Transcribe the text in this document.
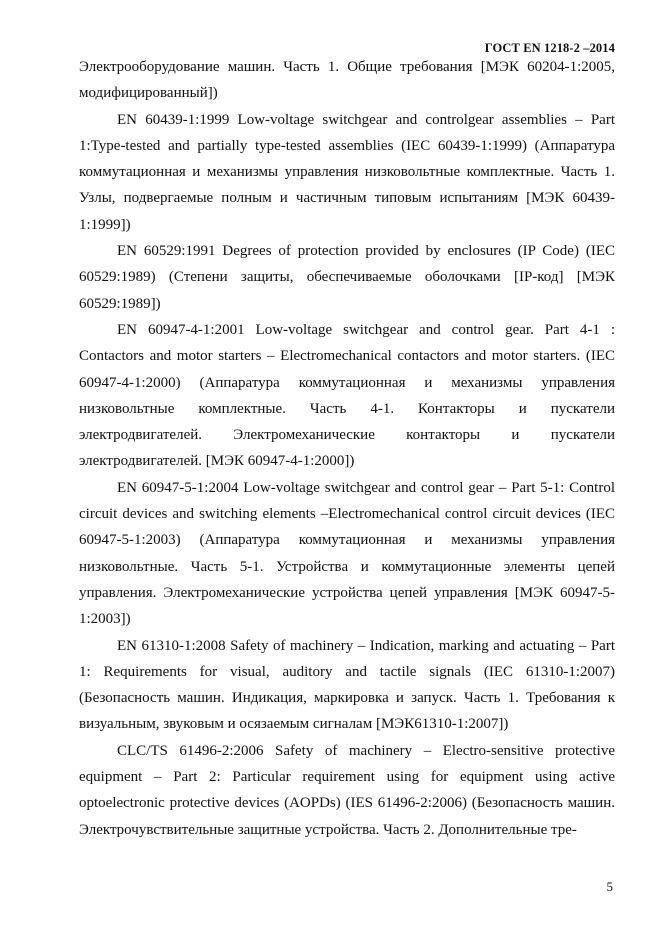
ГОСТ EN 1218-2 –2014

Электрооборудование машин. Часть 1. Общие требования [МЭК 60204-1:2005, модифицированный])

EN 60439-1:1999 Low-voltage switchgear and controlgear assemblies – Part 1:Type-tested and partially type-tested assemblies (IEC 60439-1:1999) (Аппаратура коммутационная и механизмы управления низковольтные комплектные. Часть 1. Узлы, подвергаемые полным и частичным типовым испытаниям [МЭК 60439-1:1999])

EN 60529:1991 Degrees of protection provided by enclosures (IP Code) (IEC 60529:1989) (Степени защиты, обеспечиваемые оболочками [IP-код] [МЭК 60529:1989])

EN 60947-4-1:2001 Low-voltage switchgear and control gear. Part 4-1 : Contactors and motor starters – Electromechanical contactors and motor starters. (IEC 60947-4-1:2000) (Аппаратура коммутационная и механизмы управления низковольтные комплектные. Часть 4-1. Контакторы и пускатели электродвигателей. Электромеханические контакторы и пускатели электродвигателей. [МЭК 60947-4-1:2000])

EN 60947-5-1:2004 Low-voltage switchgear and control gear – Part 5-1: Control circuit devices and switching elements –Electromechanical control circuit devices (IEC 60947-5-1:2003) (Аппаратура коммутационная и механизмы управления низковольтные. Часть 5-1. Устройства и коммутационные элементы цепей управления. Электромеханические устройства цепей управления [МЭК 60947-5-1:2003])

EN 61310-1:2008 Safety of machinery – Indication, marking and actuating – Part 1: Requirements for visual, auditory and tactile signals (IEC 61310-1:2007) (Безопасность машин. Индикация, маркировка и запуск. Часть 1. Требования к визуальным, звуковым и осязаемым сигналам [МЭК61310-1:2007])

CLC/TS 61496-2:2006 Safety of machinery – Electro-sensitive protective equipment – Part 2: Particular requirement using for equipment using active optoelectronic protective devices (AOPDs) (IES 61496-2:2006) (Безопасность машин. Электрочувствительные защитные устройства. Часть 2. Дополнительные тре-

5
